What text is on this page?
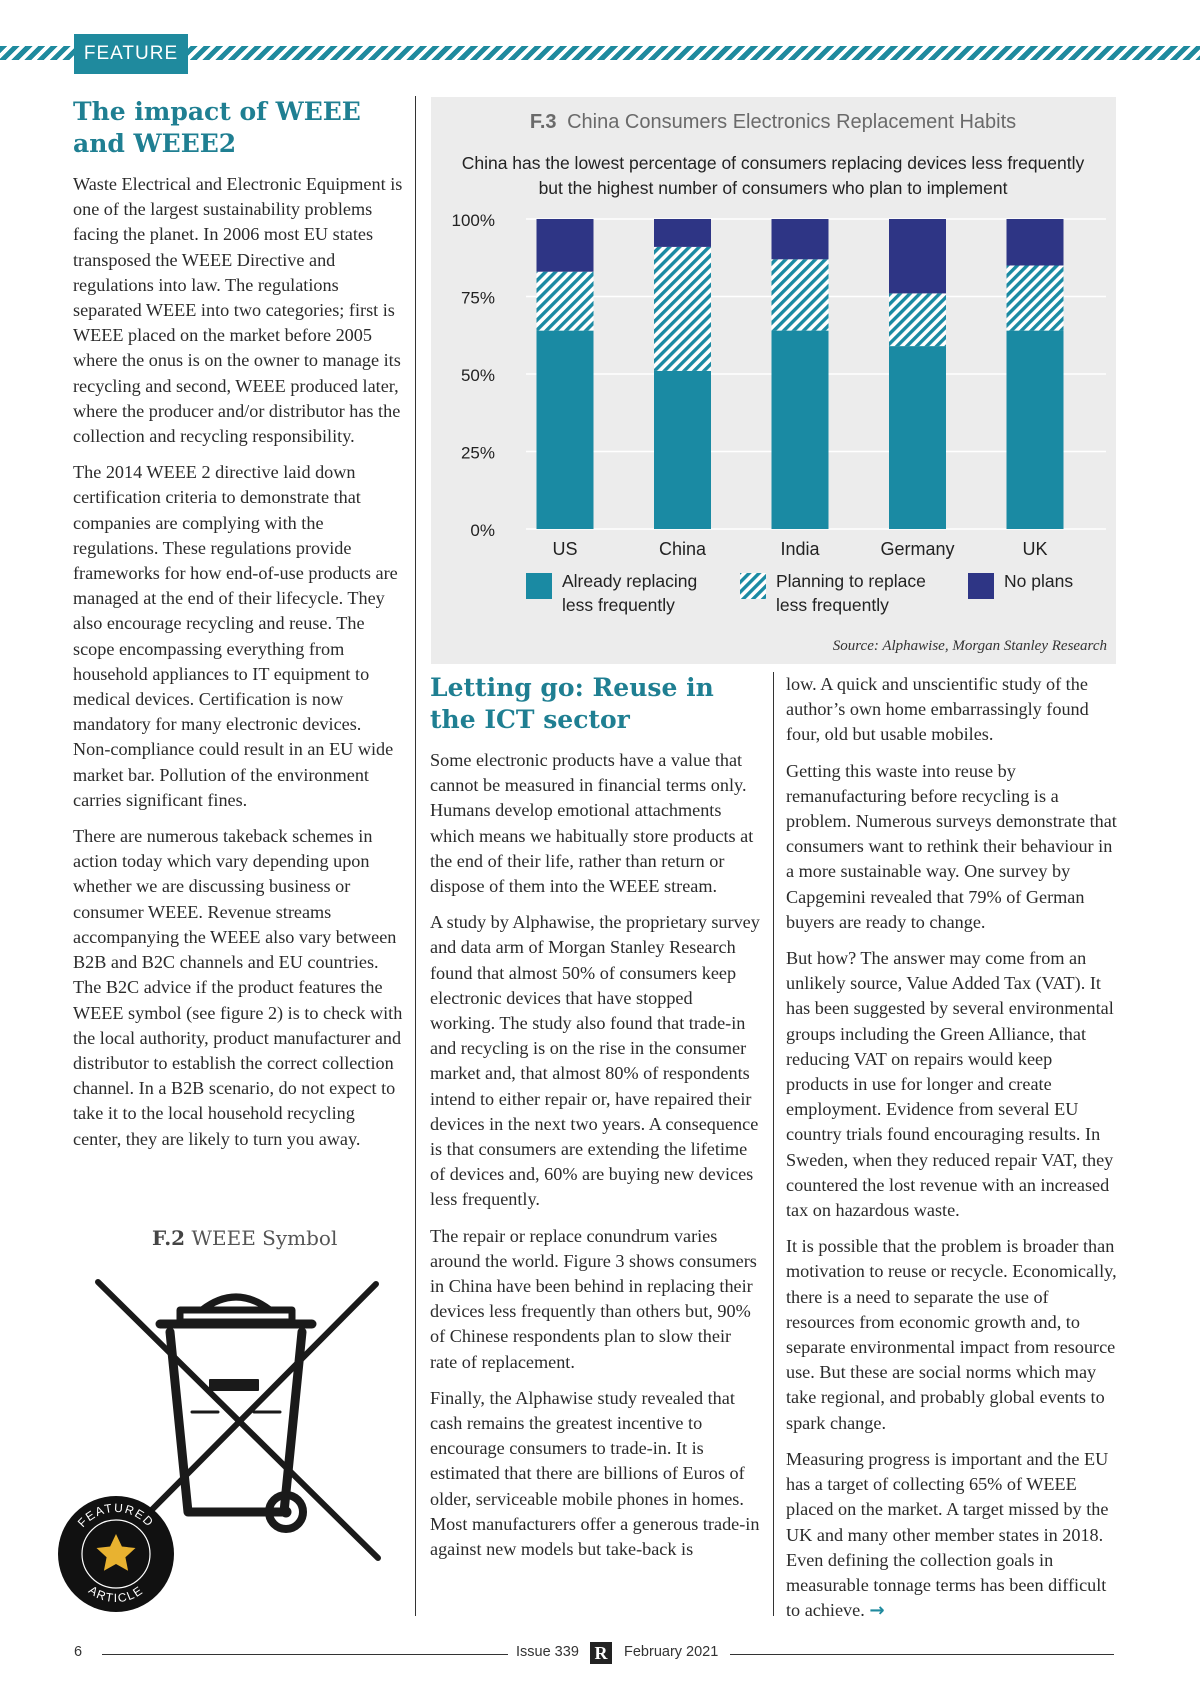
FEATURE
The impact of WEEE and WEEE2

Waste Electrical and Electronic Equipment is one of the largest sustainability problems facing the planet. In 2006 most EU states transposed the WEEE Directive and regulations into law. The regulations separated WEEE into two categories; first is WEEE placed on the market before 2005 where the onus is on the owner to manage its recycling and second, WEEE produced later, where the producer and/or distributor has the collection and recycling responsibility.

The 2014 WEEE 2 directive laid down certification criteria to demonstrate that companies are complying with the regulations. These regulations provide frameworks for how end-of-use products are managed at the end of their lifecycle. They also encourage recycling and reuse. The scope encompassing everything from household appliances to IT equipment to medical devices. Certification is now mandatory for many electronic devices. Non-compliance could result in an EU wide market bar. Pollution of the environment carries significant fines.

There are numerous takeback schemes in action today which vary depending upon whether we are discussing business or consumer WEEE. Revenue streams accompanying the WEEE also vary between B2B and B2C channels and EU countries. The B2C advice if the product features the WEEE symbol (see figure 2) is to check with the local authority, product manufacturer and distributor to establish the correct collection channel. In a B2B scenario, do not expect to take it to the local household recycling center, they are likely to turn you away.

F.2 WEEE Symbol
FEATURED
ARTICLE
F.3 China Consumers Electronics Replacement Habits
China has the lowest percentage of consumers replacing devices less frequently
but the highest number of consumers who plan to implement
0%
25%
50%
75%
100%
US	China	India	Germany	UK
Already replacing
less frequently
Planning to replace
less frequently
No plans
Source: Alphawise, Morgan Stanley Research
Letting go: Reuse in the ICT sector

Some electronic products have a value that cannot be measured in financial terms only. Humans develop emotional attachments which means we habitually store products at the end of their life, rather than return or dispose of them into the WEEE stream.

A study by Alphawise, the proprietary survey and data arm of Morgan Stanley Research found that almost 50% of consumers keep electronic devices that have stopped working. The study also found that trade-in and recycling is on the rise in the consumer market and, that almost 80% of respondents intend to either repair or, have repaired their devices in the next two years. A consequence is that consumers are extending the lifetime of devices and, 60% are buying new devices less frequently.

The repair or replace conundrum varies around the world. Figure 3 shows consumers in China have been behind in replacing their devices less frequently than others but, 90% of Chinese respondents plan to slow their rate of replacement.

Finally, the Alphawise study revealed that cash remains the greatest incentive to encourage consumers to trade-in. It is estimated that there are billions of Euros of older, serviceable mobile phones in homes. Most manufacturers offer a generous trade-in against new models but take-back is

low. A quick and unscientific study of the author’s own home embarrassingly found four, old but usable mobiles.

Getting this waste into reuse by remanufacturing before recycling is a problem. Numerous surveys demonstrate that consumers want to rethink their behaviour in a more sustainable way. One survey by Capgemini revealed that 79% of German buyers are ready to change.

But how? The answer may come from an unlikely source, Value Added Tax (VAT). It has been suggested by several environmental groups including the Green Alliance, that reducing VAT on repairs would keep products in use for longer and create employment. Evidence from several EU country trials found encouraging results. In Sweden, when they reduced repair VAT, they countered the lost revenue with an increased tax on hazardous waste.

It is possible that the problem is broader than motivation to reuse or recycle. Economically, there is a need to separate the use of resources from economic growth and, to separate environmental impact from resource use. But these are social norms which may take regional, and probably global events to spark change.

Measuring progress is important and the EU has a target of collecting 65% of WEEE placed on the market. A target missed by the UK and many other member states in 2018. Even defining the collection goals in measurable tonnage terms has been difficult to achieve. →

6	Issue 339 R	February 2021
